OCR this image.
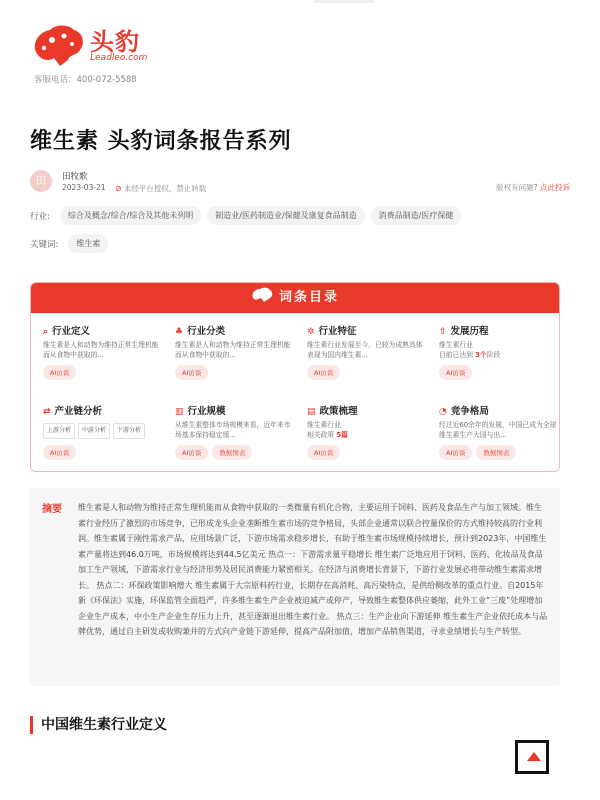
头豹
Leadleo.com
客服电话：400-072-5588
维生素 头豹词条报告系列
田	田牧歌
2023-03-21 ⊘ 未经平台授权，禁止转载	版权有问题? 点此投诉
行业:	综合及概念/综合/综合及其他未列明	制造业/医药制造业/保健及康复食品制造	消费品制造/医疗保健
关键词:	维生素
词条目录
⌕ 行业定义
维生素是人和动物为维持正常生理机能而从食物中获取的...
AI访谈
♣ 行业分类
维生素是人和动物为维持正常生理机能而从食物中获取的...
AI访谈
✲ 行业特征
维生素行业发展至今，已较为成熟具体表现为国内维生素...
AI访谈
⇧ 发展历程
维生素行业
目前已达到 3个阶段
AI访谈
⇄ 产业链分析
上游分析 中游分析 下游分析
AI访谈
▥ 行业规模
从维生素整体市场规模来看，近年来市场基本保持稳定缓...
AI访谈	数据图表
▤ 政策梳理
维生素行业
相关政策 5篇
AI访谈
◔ 竞争格局
经过近60余年的发展，中国已成为全球维生素生产大国与出...
AI访谈	数据图表
摘要 维生素是人和动物为维持正常生理机能而从食物中获取的一类微量有机化合物，主要运用于饲料、医药及食品生产与加工领域。维生素行业经历了激烈的市场竞争，已形成龙头企业垄断维生素市场的竞争格局，头部企业通常以联合控量保价的方式维持较高的行业利润。维生素属于刚性需求产品，应用场景广泛，下游市场需求稳步增长，有助于维生素市场规模持续增长，预计到2023年，中国维生素产量将达到46.0万吨，市场规模将达到44.5亿美元 热点一：下游需求量平稳增长 维生素广泛地应用于饲料、医药、化妆品及食品加工生产领域，下游需求行业与经济形势及居民消费能力紧密相关。在经济与消费增长背景下，下游行业发展必将带动维生素需求增长。 热点二：环保政策影响增大 维生素属于大宗原料药行业，长期存在高消耗、高污染特点，是供给侧改革的重点行业。自2015年新《环保法》实施，环保监管全面趋严，许多维生素生产企业被迫减产或停产，导致维生素整体供应萎缩，此外工业“三废”处理增加企业生产成本，中小生产企业生存压力上升，甚至逐渐退出维生素行业。 热点三：生产企业向下游延伸 维生素生产企业依托成本与品牌优势，通过自主研发或收购兼并的方式向产业链下游延伸，提高产品附加值，增加产品销售渠道，寻求业绩增长与生产转型。
中国维生素行业定义
